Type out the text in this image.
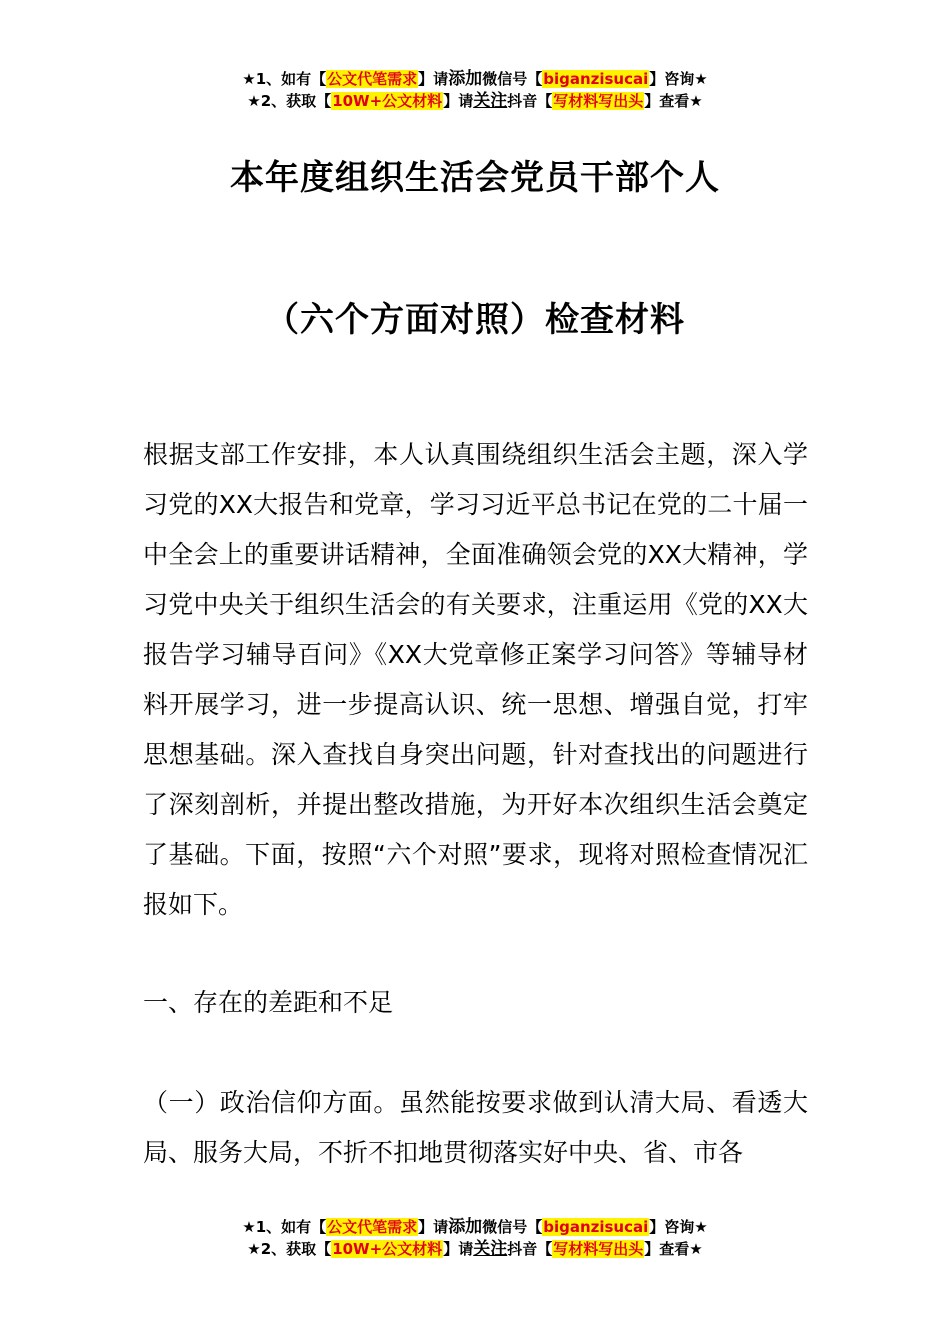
★1、如有【公文代笔需求】请添加微信号【biganzisucai】咨询★
★2、获取【10W+公文材料】请关注抖音【写材料写出头】查看★
本年度组织生活会党员干部个人
（六个方面对照）检查材料

根据支部工作安排，本人认真围绕组织生活会主题，深入学习党的XX大报告和党章，学习习近平总书记在党的二十届一中全会上的重要讲话精神，全面准确领会党的XX大精神，学习党中央关于组织生活会的有关要求，注重运用《党的XX大报告学习辅导百问》《XX大党章修正案学习问答》等辅导材料开展学习，进一步提高认识、统一思想、增强自觉，打牢思想基础。深入查找自身突出问题，针对查找出的问题进行了深刻剖析，并提出整改措施，为开好本次组织生活会奠定了基础。下面，按照“六个对照”要求，现将对照检查情况汇报如下。

一、存在的差距和不足

（一）政治信仰方面。虽然能按要求做到认清大局、看透大局、服务大局，不折不扣地贯彻落实好中央、省、市各

★1、如有【公文代笔需求】请添加微信号【biganzisucai】咨询★
★2、获取【10W+公文材料】请关注抖音【写材料写出头】查看★
